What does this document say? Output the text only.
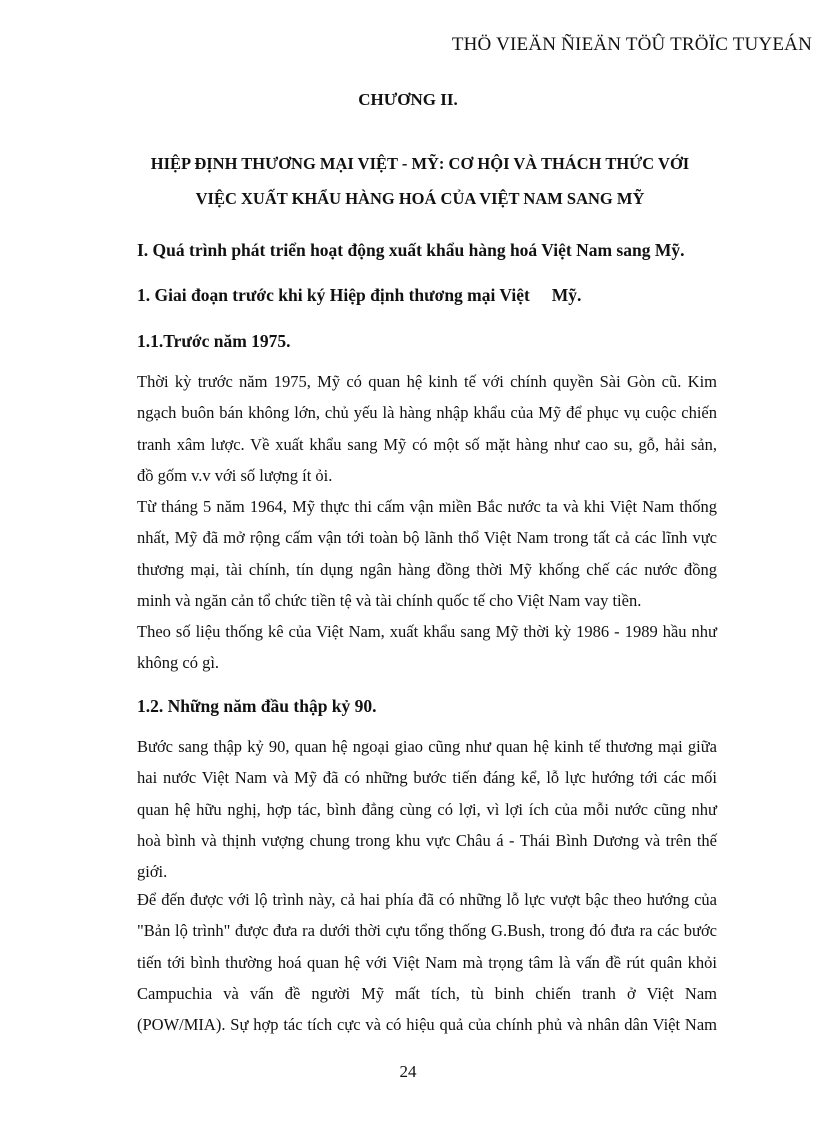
THÖ VIEÄN ÑIEÄN TÖÛ TRÖÏC TUYEÁN
CHƯƠNG II.
HIỆP ĐỊNH THƯƠNG MẠI VIỆT - MỸ: CƠ HỘI VÀ THÁCH THỨC VỚI
VIỆC XUẤT KHẨU HÀNG HOÁ CỦA VIỆT NAM SANG MỸ
I. Quá trình phát triển hoạt động xuất khẩu hàng hoá Việt Nam sang Mỹ.
1. Giai đoạn trước khi ký Hiệp định thương mại Việt     Mỹ.
1.1.Trước năm 1975.
Thời kỳ trước năm 1975, Mỹ có quan hệ kinh tế với chính quyền Sài Gòn cũ. Kim
ngạch buôn bán không lớn, chủ yếu là hàng nhập khẩu của Mỹ để phục vụ cuộc chiến
tranh xâm lược. Về xuất khẩu sang Mỹ có một số mặt hàng như cao su, gỗ, hải sản,
đồ gốm v.v với số lượng ít ỏi.
Từ tháng 5 năm 1964, Mỹ thực thi cấm vận miền Bắc nước ta và khi Việt Nam thống
nhất, Mỹ đã mở rộng cấm vận tới toàn bộ lãnh thổ Việt Nam trong tất cả các lĩnh vực
thương mại, tài chính, tín dụng ngân hàng đồng thời Mỹ khống chế các nước đồng
minh và ngăn cản tổ chức tiền tệ và tài chính quốc tế cho Việt Nam vay tiền.
Theo số liệu thống kê của Việt Nam, xuất khẩu sang Mỹ thời kỳ 1986 - 1989 hầu như
không có gì.
1.2. Những năm đầu thập kỷ 90.
Bước sang thập kỷ 90, quan hệ ngoại giao cũng như quan hệ kinh tế thương mại giữa
hai nước Việt Nam và Mỹ đã có những bước tiến đáng kể, lỗ lực hướng tới các mối
quan hệ hữu nghị, hợp tác, bình đẳng cùng có lợi, vì lợi ích của mỗi nước cũng như
hoà bình và thịnh vượng chung trong khu vực Châu á - Thái Bình Dương và trên thế
giới.
Để đến được với lộ trình này, cả hai phía đã có những lỗ lực vượt bậc theo hướng của
"Bản lộ trình" được đưa ra dưới thời cựu tổng thống G.Bush, trong đó đưa ra các bước
tiến tới bình thường hoá quan hệ với Việt Nam mà trọng tâm là vấn đề rút quân khỏi
Campuchia và vấn đề người Mỹ mất tích, tù binh chiến tranh ở Việt Nam
(POW/MIA). Sự hợp tác tích cực và có hiệu quả của chính phủ và nhân dân Việt Nam
24
